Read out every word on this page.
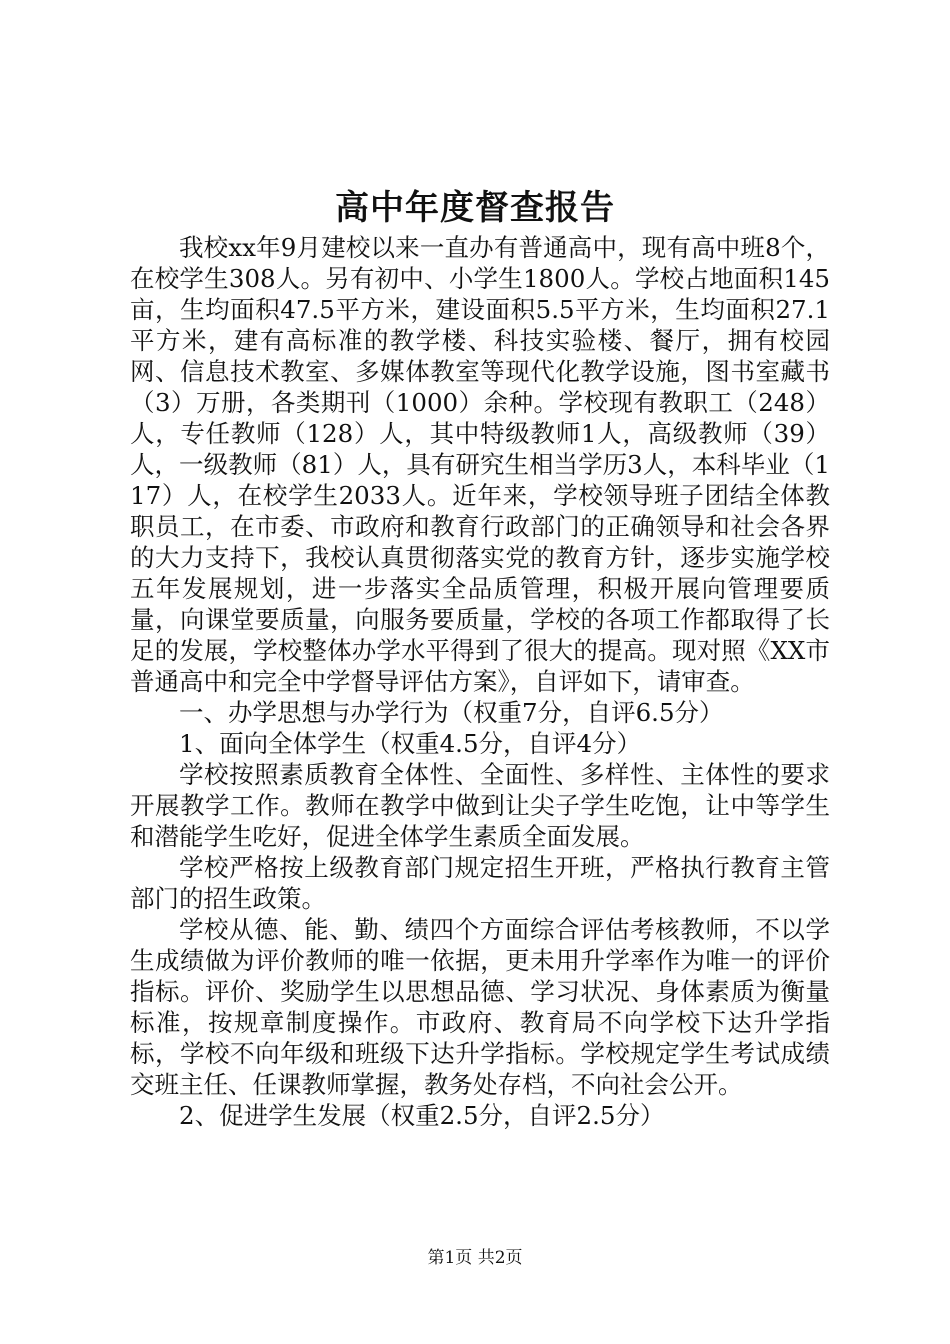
高中年度督查报告

我校xx年9月建校以来一直办有普通高中，现有高中班8个，在校学生308人。另有初中、小学生1800人。学校占地面积145亩，生均面积47.5平方米，建设面积5.5平方米，生均面积27.1平方米，建有高标准的教学楼、科技实验楼、餐厅，拥有校园网、信息技术教室、多媒体教室等现代化教学设施，图书室藏书（3）万册，各类期刊（1000）余种。学校现有教职工（248）人，专任教师（128）人，其中特级教师1人，高级教师（39）人，一级教师（81）人，具有研究生相当学历3人，本科毕业（117）人，在校学生2033人。近年来，学校领导班子团结全体教职员工，在市委、市政府和教育行政部门的正确领导和社会各界的大力支持下，我校认真贯彻落实党的教育方针，逐步实施学校五年发展规划，进一步落实全品质管理，积极开展向管理要质量，向课堂要质量，向服务要质量，学校的各项工作都取得了长足的发展，学校整体办学水平得到了很大的提高。现对照《XX市普通高中和完全中学督导评估方案》，自评如下，请审查。

一、办学思想与办学行为（权重7分，自评6.5分）

1、面向全体学生（权重4.5分，自评4分）

学校按照素质教育全体性、全面性、多样性、主体性的要求开展教学工作。教师在教学中做到让尖子学生吃饱，让中等学生和潜能学生吃好，促进全体学生素质全面发展。

学校严格按上级教育部门规定招生开班，严格执行教育主管部门的招生政策。

学校从德、能、勤、绩四个方面综合评估考核教师，不以学生成绩做为评价教师的唯一依据，更未用升学率作为唯一的评价指标。评价、奖励学生以思想品德、学习状况、身体素质为衡量标准，按规章制度操作。市政府、教育局不向学校下达升学指标，学校不向年级和班级下达升学指标。学校规定学生考试成绩交班主任、任课教师掌握，教务处存档，不向社会公开。

2、促进学生发展（权重2.5分，自评2.5分）

第1页 共2页
